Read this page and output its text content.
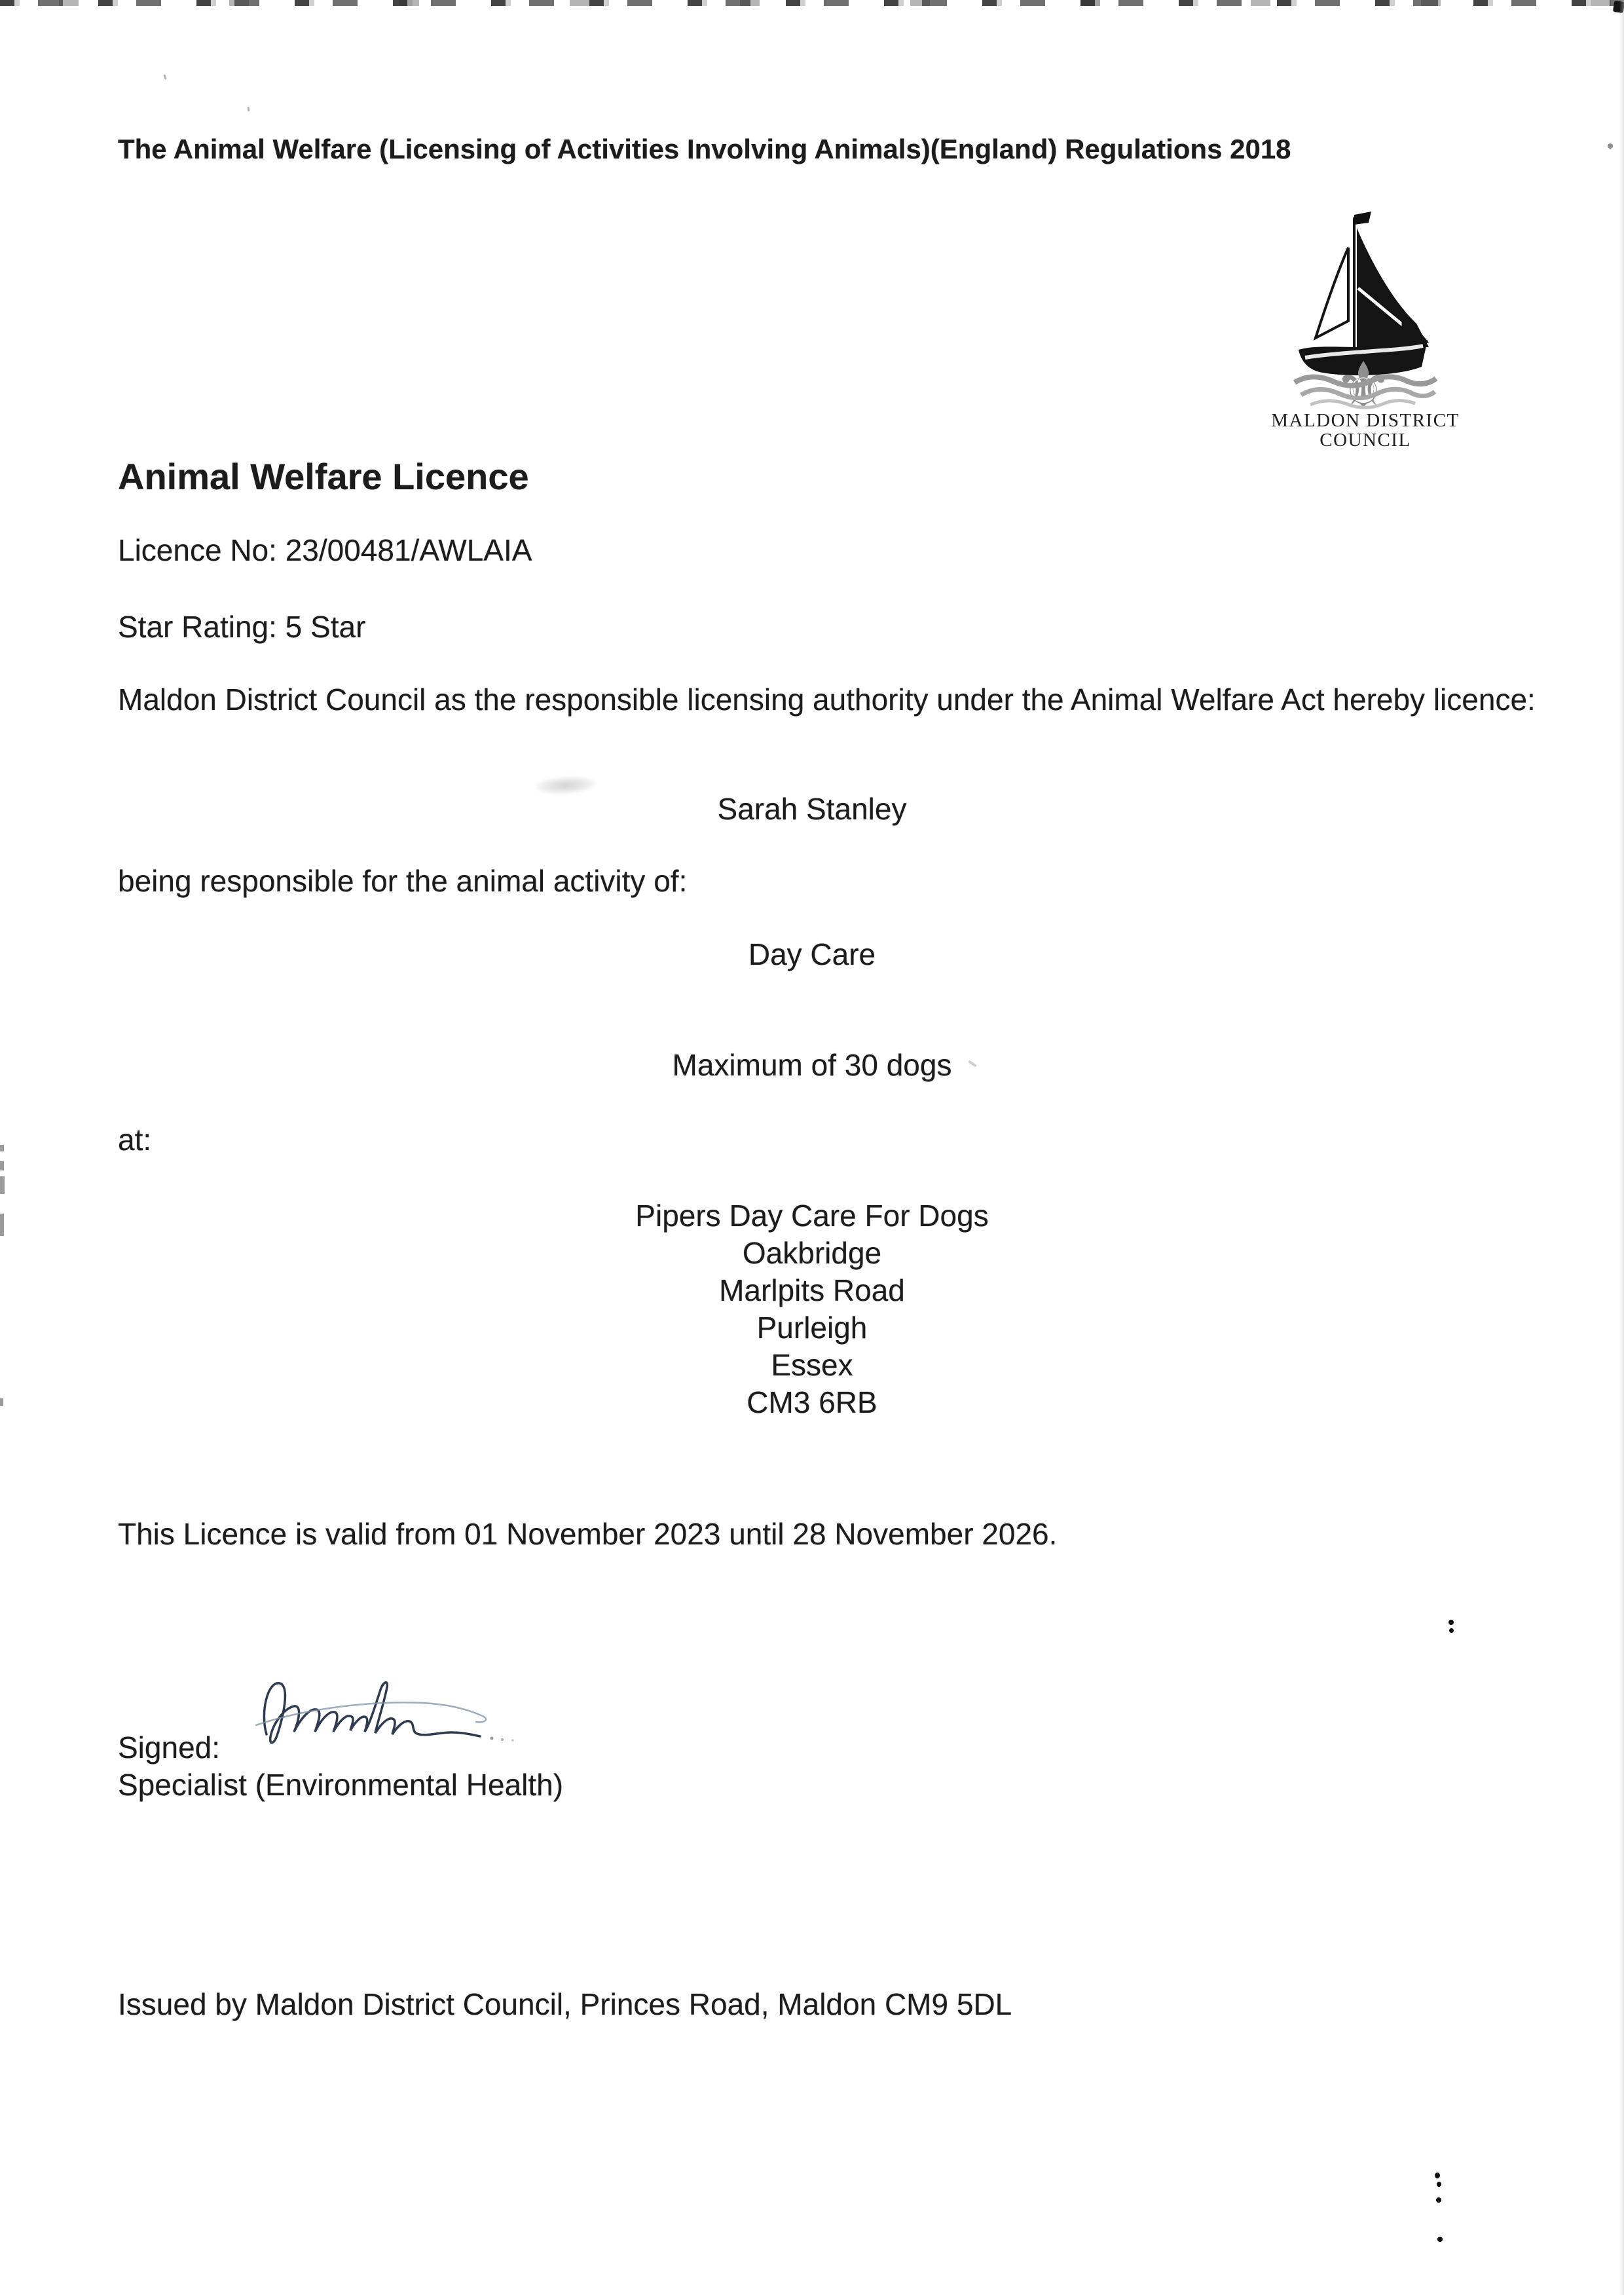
⚜
MALDON DISTRICT
COUNCIL
The Animal Welfare (Licensing of Activities Involving Animals)(England) Regulations 2018
Animal Welfare Licence
Licence No: 23/00481/AWLAIA
Star Rating: 5 Star
Maldon District Council as the responsible licensing authority under the Animal Welfare Act hereby licence:
Sarah Stanley
being responsible for the animal activity of:
Day Care
Maximum of 30 dogs
at:
Pipers Day Care For Dogs
Oakbridge
Marlpits Road
Purleigh
Essex
CM3 6RB
This Licence is valid from 01 November 2023 until 28 November 2026.
Signed:
Specialist (Environmental Health)
Issued by Maldon District Council, Princes Road, Maldon CM9 5DL
